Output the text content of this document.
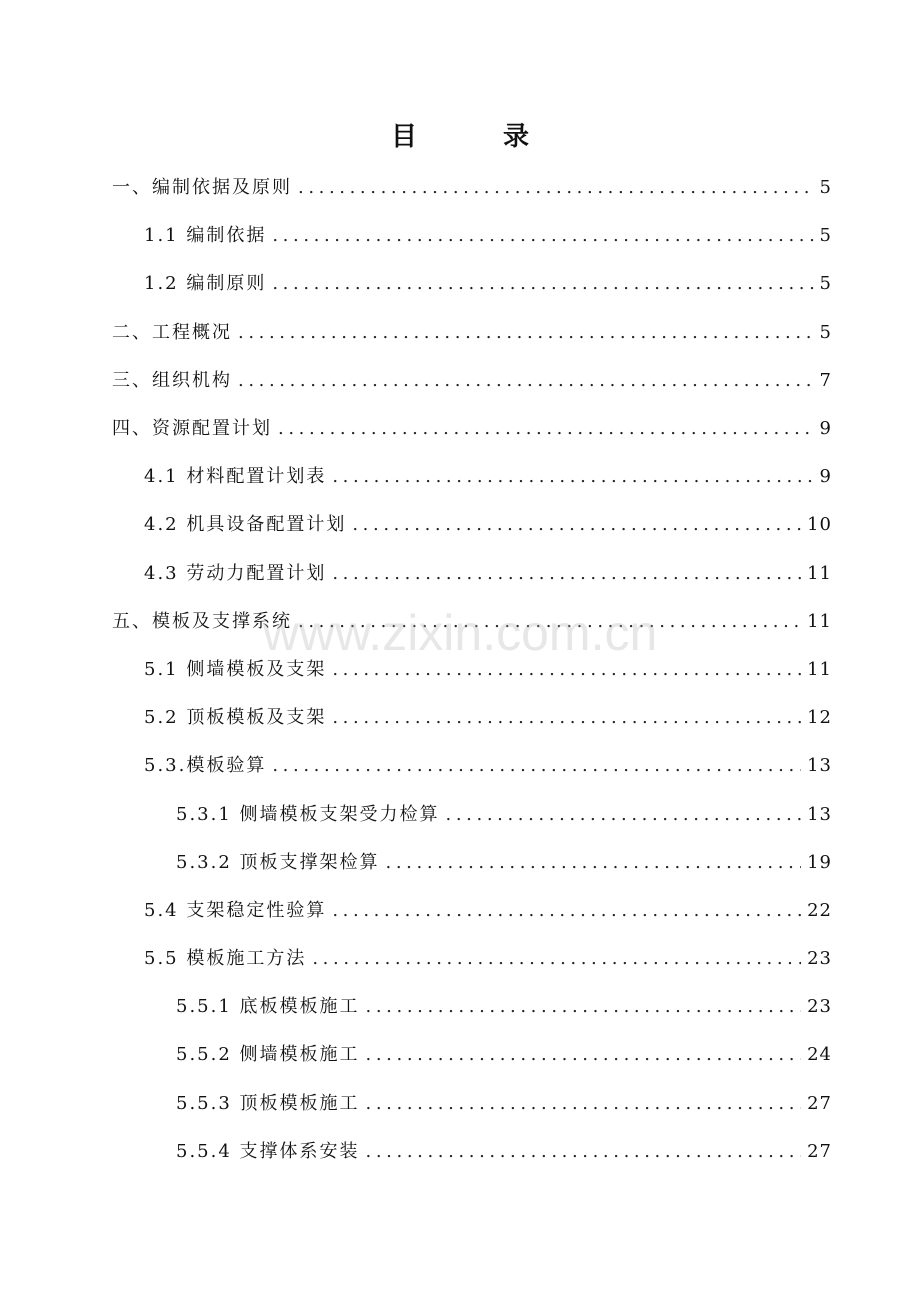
目　录
一、编制依据及原则 .....	5
1.1 编制依据 .....	5
1.2 编制原则 .....	5
二、工程概况 .....	5
三、组织机构 .....	7
四、资源配置计划 .....	9
4.1 材料配置计划表 .....	9
4.2 机具设备配置计划 .....	10
4.3 劳动力配置计划 .....	11
五、模板及支撑系统 .....	11
5.1 侧墙模板及支架 .....	11
5.2 顶板模板及支架 .....	12
5.3.模板验算 .....	13
5.3.1 侧墙模板支架受力检算 .....	13
5.3.2 顶板支撑架检算 .....	19
5.4 支架稳定性验算 .....	22
5.5 模板施工方法 .....	23
5.5.1 底板模板施工 .....	23
5.5.2 侧墙模板施工 .....	24
5.5.3 顶板模板施工 .....	27
5.5.4 支撑体系安装 .....	27
www.zixin.com.cn
